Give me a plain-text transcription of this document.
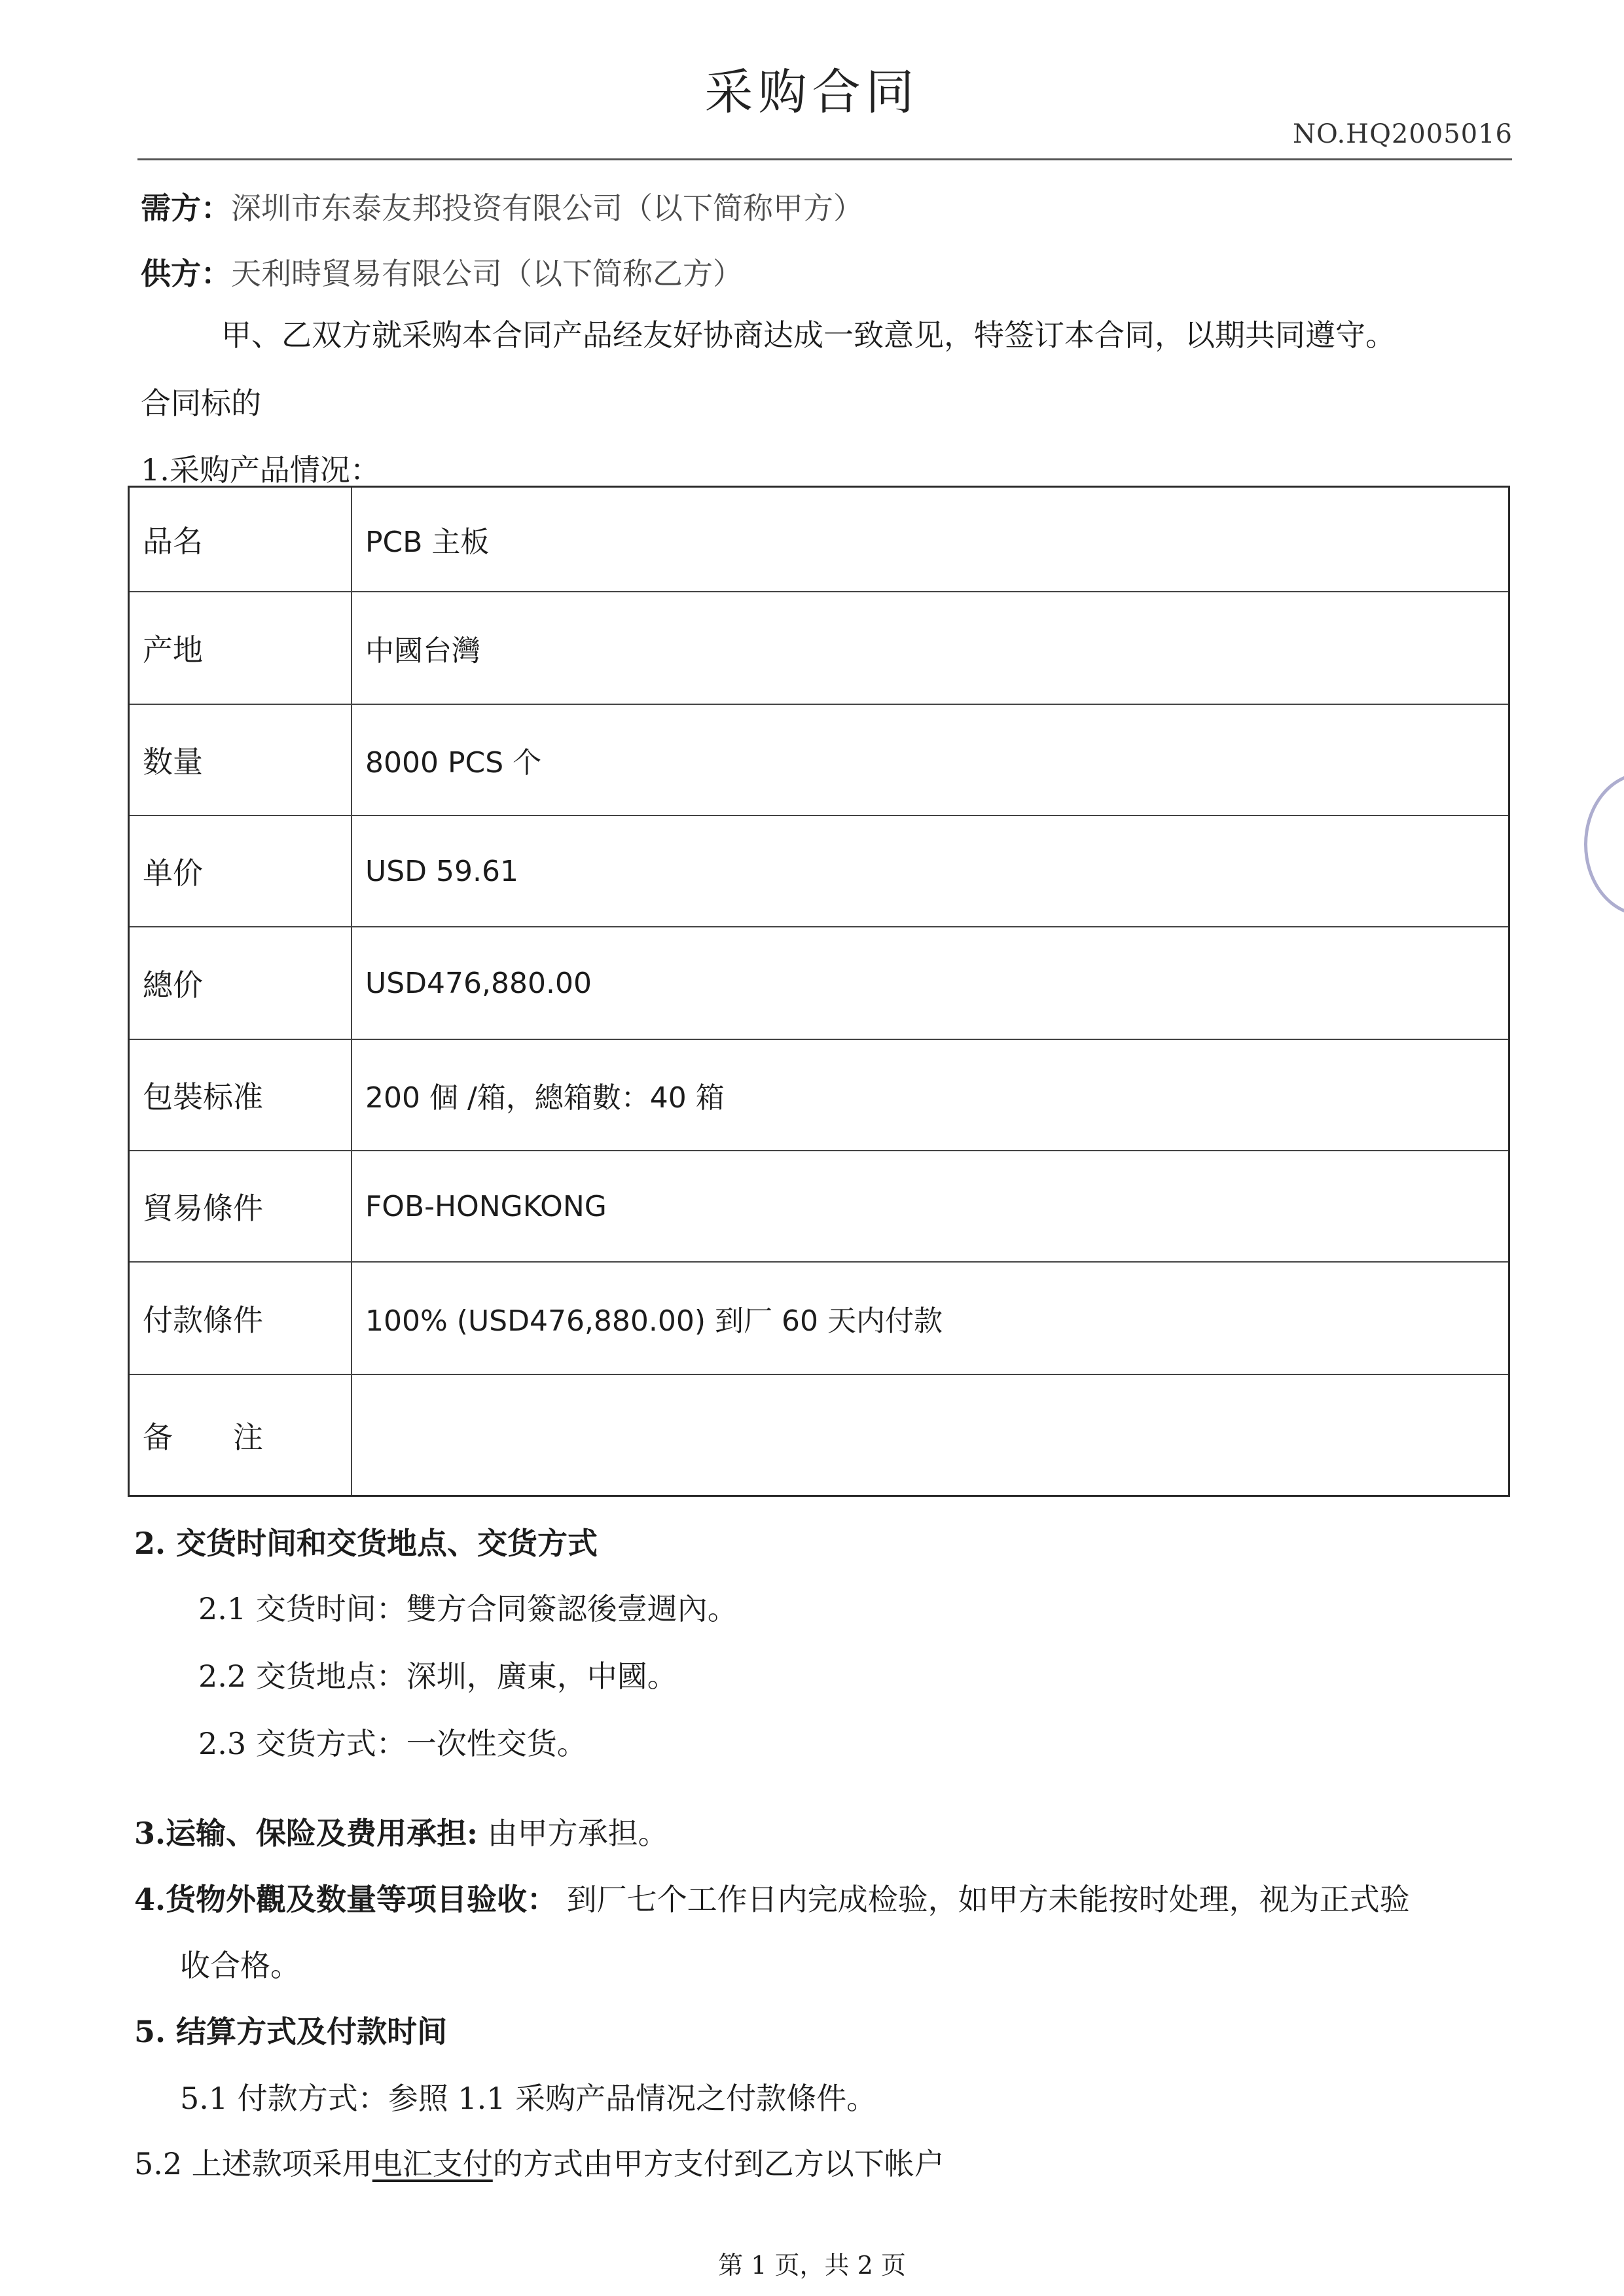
采购合同
NO.HQ2005016
需方：深圳市东泰友邦投资有限公司（以下简称甲方）
供方：天利時貿易有限公司（以下简称乙方）
甲、乙双方就采购本合同产品经友好协商达成一致意见，特签订本合同，以期共同遵守。
合同标的
1.采购产品情况：
品名	PCB 主板
产地	中國台灣
数量	8000 PCS 个
单价	USD 59.61
總价	USD476,880.00
包裝标准	200 個 /箱，總箱數：40 箱
貿易條件	FOB-HONGKONG
付款條件	100% (USD476,880.00) 到厂 60 天内付款
备　　注
2. 交货时间和交货地点、交货方式
2.1 交货时间：雙方合同簽認後壹週內。
2.2 交货地点：深圳，廣東，中國。
2.3 交货方式：一次性交货。
3.运输、保险及费用承担: 由甲方承担。
4.货物外觀及数量等项目验收： 到厂七个工作日内完成检验，如甲方未能按时处理，视为正式验
收合格。
5. 结算方式及付款时间
5.1 付款方式：参照 1.1 采购产品情况之付款條件。
5.2 上述款项采用电汇支付的方式由甲方支付到乙方以下帐户
第 1 页，共 2 页
